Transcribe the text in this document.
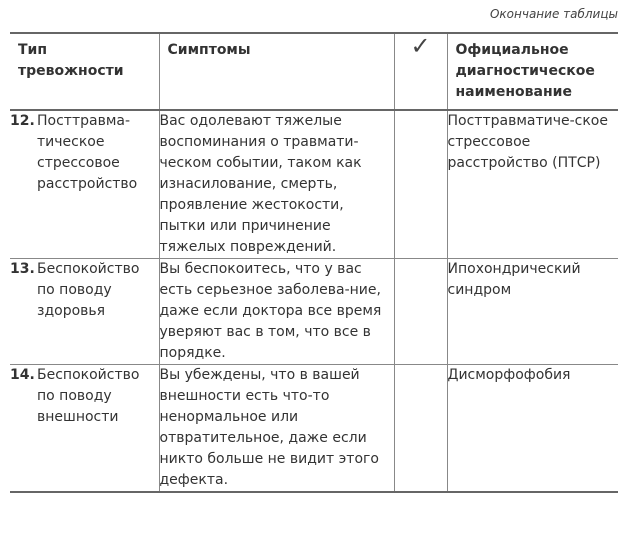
Окончание таблицы
Тип тревожности	Симптомы	✓	Официальное диагностическое наименование

12. Посттравма-тическое стрессовое расстройство	Вас одолевают тяжелые воспоминания о травмати-ческом событии, таком как изнасилование, смерть, проявление жестокости, пытки или причинение тяжелых повреждений.		Посттравматиче-ское стрессовое расстройство (ПТСР)

13. Беспокойство по поводу здоровья	Вы беспокоитесь, что у вас есть серьезное заболева-ние, даже если доктора все время уверяют вас в том, что все в порядке.		Ипохондрический синдром

14. Беспокойство по поводу внешности	Вы убеждены, что в вашей внешности есть что-то ненормальное или отвратительное, даже если никто больше не видит этого дефекта.		Дисморфофобия
